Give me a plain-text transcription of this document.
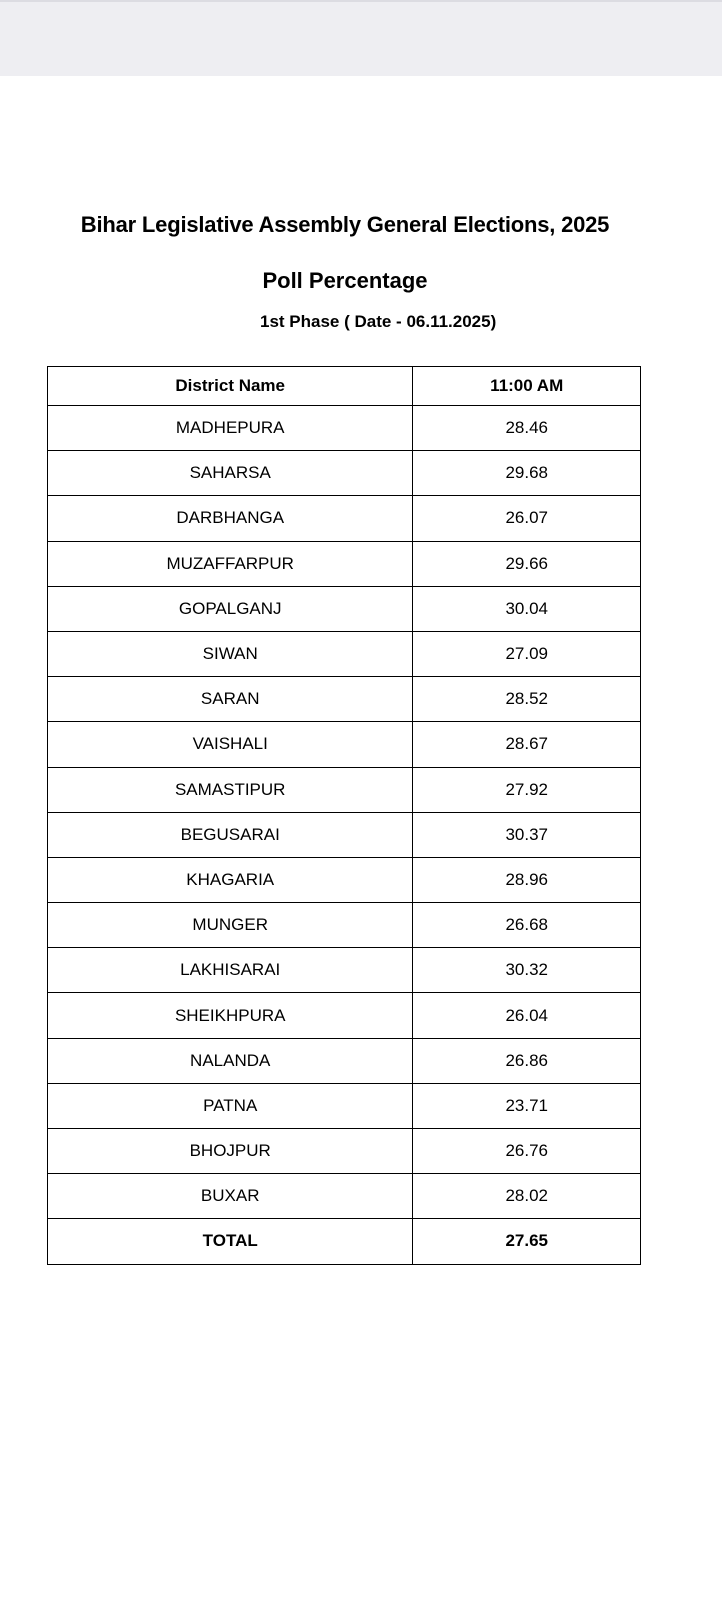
Bihar Legislative Assembly General Elections, 2025
Poll Percentage
1st Phase ( Date - 06.11.2025)
District Name	11:00 AM
MADHEPURA	28.46
SAHARSA	29.68
DARBHANGA	26.07
MUZAFFARPUR	29.66
GOPALGANJ	30.04
SIWAN	27.09
SARAN	28.52
VAISHALI	28.67
SAMASTIPUR	27.92
BEGUSARAI	30.37
KHAGARIA	28.96
MUNGER	26.68
LAKHISARAI	30.32
SHEIKHPURA	26.04
NALANDA	26.86
PATNA	23.71
BHOJPUR	26.76
BUXAR	28.02
TOTAL	27.65
